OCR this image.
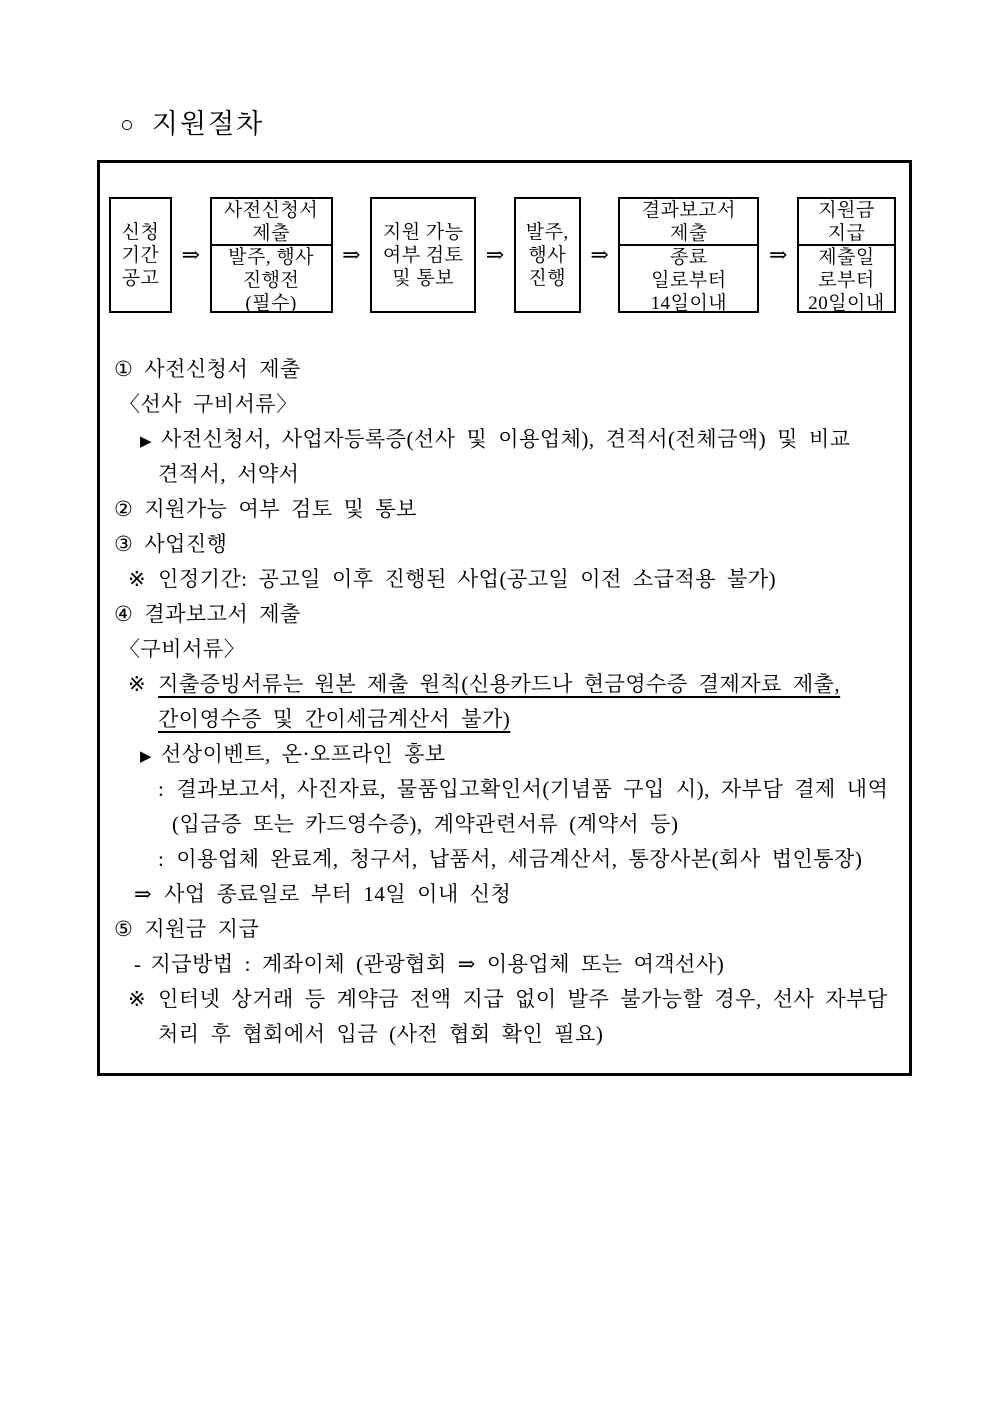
○ 지원절차
신청
기간
공고
⇒
사전신청서
제출
발주, 행사
진행전
(필수)
⇒
지원 가능
여부 검토
및 통보
⇒
발주,
행사
진행
⇒
결과보고서
제출
종료
일로부터
14일이내
⇒
지원금
지급
제출일
로부터
20일이내
① 사전신청서 제출
〈선사 구비서류〉
▶ 사전신청서, 사업자등록증(선사 및 이용업체), 견적서(전체금액) 및 비교
견적서, 서약서
② 지원가능 여부 검토 및 통보
③ 사업진행
※ 인정기간: 공고일 이후 진행된 사업(공고일 이전 소급적용 불가)
④ 결과보고서 제출
〈구비서류〉
※ 지출증빙서류는 원본 제출 원칙(신용카드나 현금영수증 결제자료 제출,
간이영수증 및 간이세금계산서 불가)
▶ 선상이벤트, 온·오프라인 홍보
: 결과보고서, 사진자료, 물품입고확인서(기념품 구입 시), 자부담 결제 내역
(입금증 또는 카드영수증), 계약관련서류 (계약서 등)
: 이용업체 완료계, 청구서, 납품서, 세금계산서, 통장사본(회사 법인통장)
⇒ 사업 종료일로 부터 14일 이내 신청
⑤ 지원금 지급
- 지급방법 : 계좌이체 (관광협회 ⇒ 이용업체 또는 여객선사)
※ 인터넷 상거래 등 계약금 전액 지급 없이 발주 불가능할 경우, 선사 자부담
처리 후 협회에서 입금 (사전 협회 확인 필요)
